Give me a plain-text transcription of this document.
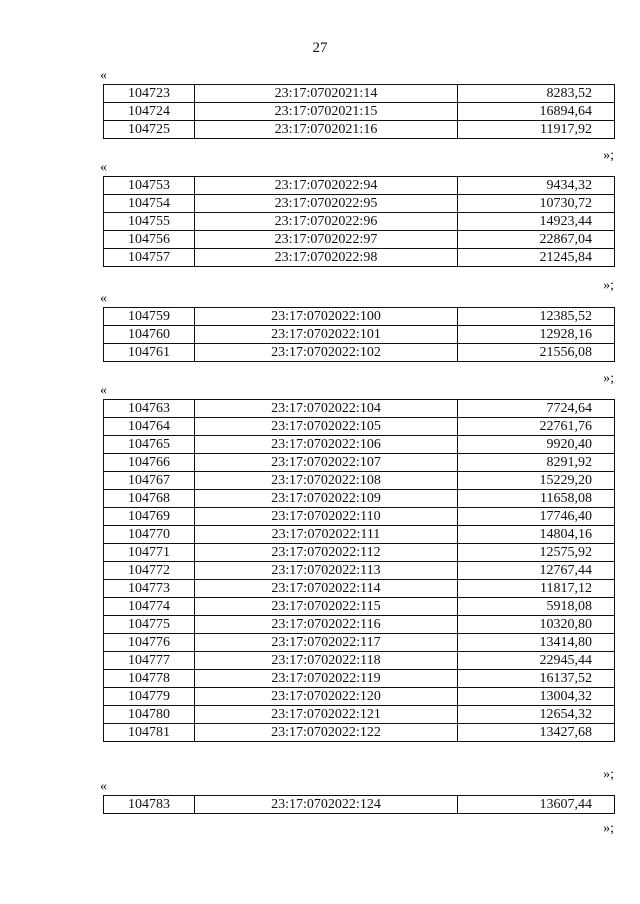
27
«
104723	23:17:0702021:14	8283,52
104724	23:17:0702021:15	16894,64
104725	23:17:0702021:16	11917,92
»;
«
104753	23:17:0702022:94	9434,32
104754	23:17:0702022:95	10730,72
104755	23:17:0702022:96	14923,44
104756	23:17:0702022:97	22867,04
104757	23:17:0702022:98	21245,84
»;
«
104759	23:17:0702022:100	12385,52
104760	23:17:0702022:101	12928,16
104761	23:17:0702022:102	21556,08
»;
«
104763	23:17:0702022:104	7724,64
104764	23:17:0702022:105	22761,76
104765	23:17:0702022:106	9920,40
104766	23:17:0702022:107	8291,92
104767	23:17:0702022:108	15229,20
104768	23:17:0702022:109	11658,08
104769	23:17:0702022:110	17746,40
104770	23:17:0702022:111	14804,16
104771	23:17:0702022:112	12575,92
104772	23:17:0702022:113	12767,44
104773	23:17:0702022:114	11817,12
104774	23:17:0702022:115	5918,08
104775	23:17:0702022:116	10320,80
104776	23:17:0702022:117	13414,80
104777	23:17:0702022:118	22945,44
104778	23:17:0702022:119	16137,52
104779	23:17:0702022:120	13004,32
104780	23:17:0702022:121	12654,32
104781	23:17:0702022:122	13427,68
»;
«
104783	23:17:0702022:124	13607,44
»;
